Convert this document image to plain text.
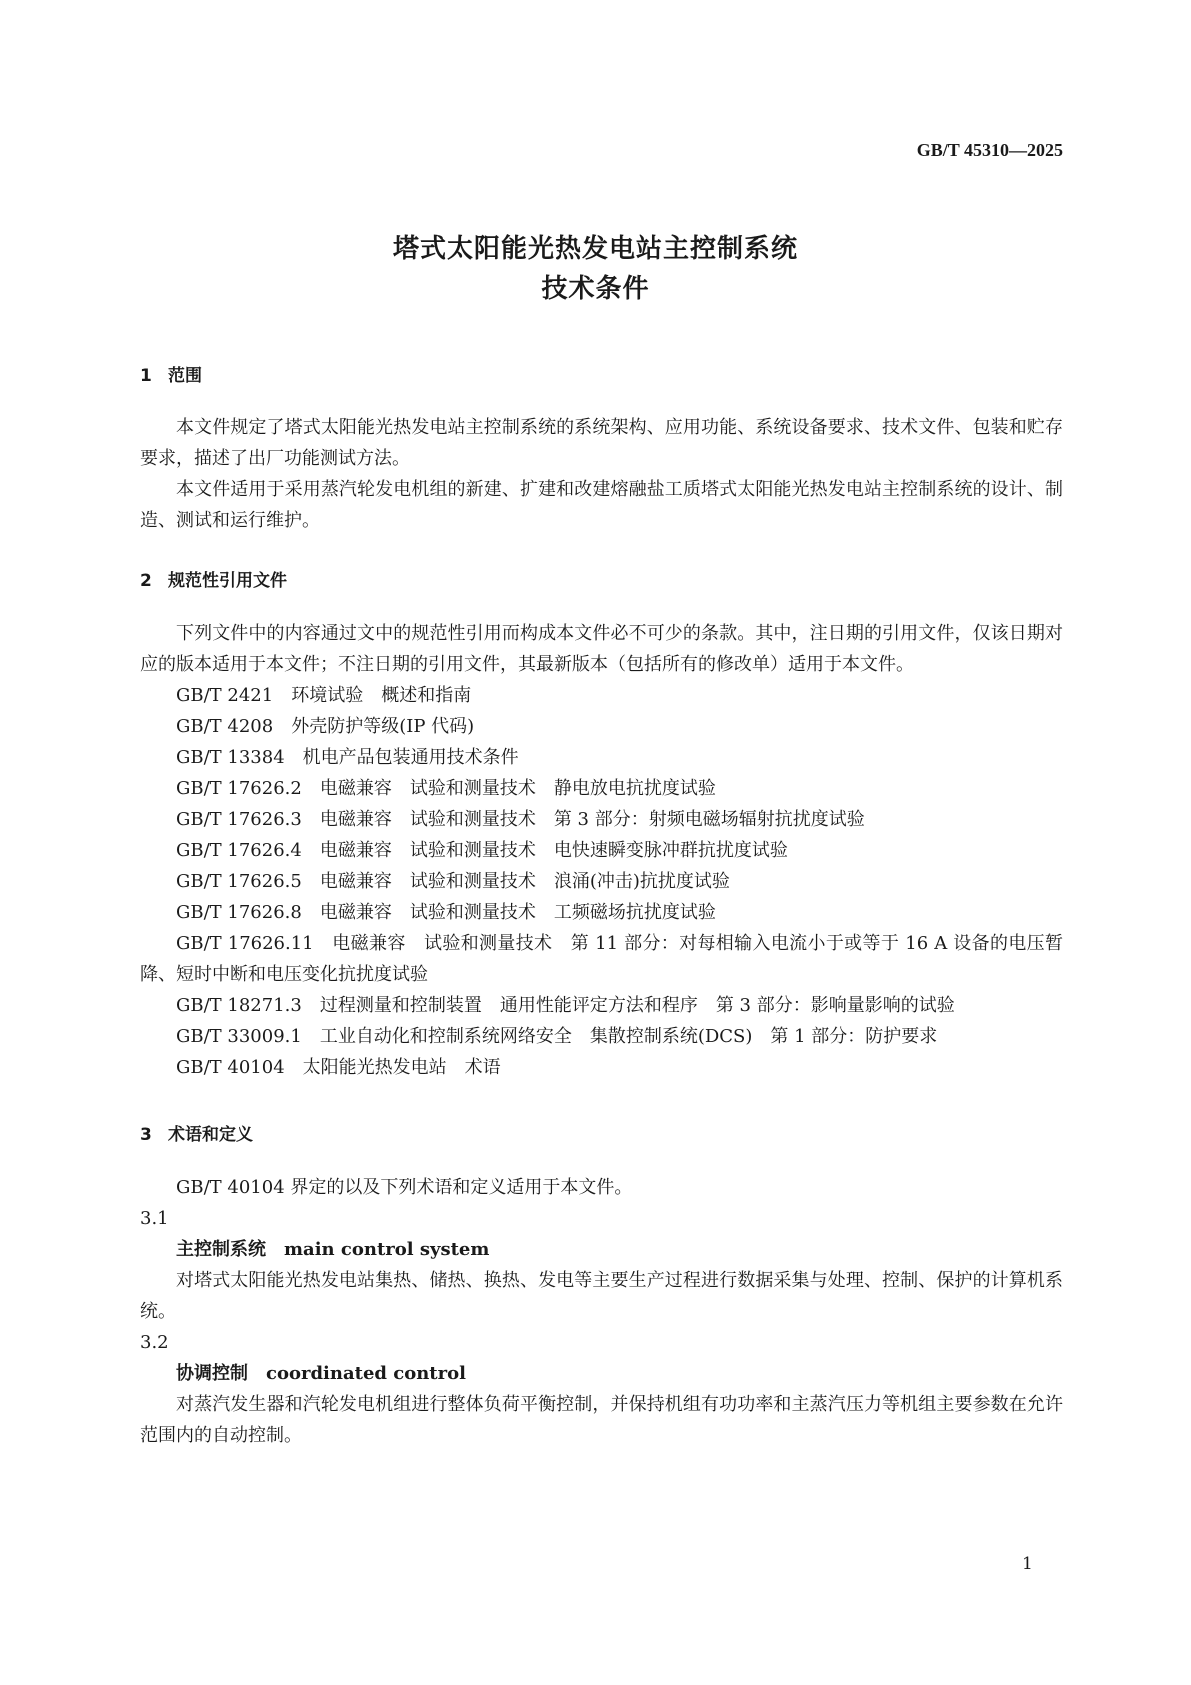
GB/T 45310—2025
塔式太阳能光热发电站主控制系统
技术条件
1 范围

本文件规定了塔式太阳能光热发电站主控制系统的系统架构、应用功能、系统设备要求、技术文件、包装和贮存要求，描述了出厂功能测试方法。

本文件适用于采用蒸汽轮发电机组的新建、扩建和改建熔融盐工质塔式太阳能光热发电站主控制系统的设计、制造、测试和运行维护。

2 规范性引用文件

下列文件中的内容通过文中的规范性引用而构成本文件必不可少的条款。其中，注日期的引用文件，仅该日期对应的版本适用于本文件；不注日期的引用文件，其最新版本（包括所有的修改单）适用于本文件。

GB/T 2421　环境试验　概述和指南

GB/T 4208　外壳防护等级(IP 代码)

GB/T 13384　机电产品包装通用技术条件

GB/T 17626.2　电磁兼容　试验和测量技术　静电放电抗扰度试验

GB/T 17626.3　电磁兼容　试验和测量技术　第 3 部分：射频电磁场辐射抗扰度试验

GB/T 17626.4　电磁兼容　试验和测量技术　电快速瞬变脉冲群抗扰度试验

GB/T 17626.5　电磁兼容　试验和测量技术　浪涌(冲击)抗扰度试验

GB/T 17626.8　电磁兼容　试验和测量技术　工频磁场抗扰度试验

GB/T 17626.11　电磁兼容　试验和测量技术　第 11 部分：对每相输入电流小于或等于 16 A 设备的电压暂降、短时中断和电压变化抗扰度试验

GB/T 18271.3　过程测量和控制装置　通用性能评定方法和程序　第 3 部分：影响量影响的试验

GB/T 33009.1　工业自动化和控制系统网络安全　集散控制系统(DCS)　第 1 部分：防护要求

GB/T 40104　太阳能光热发电站　术语

3 术语和定义

GB/T 40104 界定的以及下列术语和定义适用于本文件。

3.1

主控制系统　 main control system

对塔式太阳能光热发电站集热、储热、换热、发电等主要生产过程进行数据采集与处理、控制、保护的计算机系统。

3.2

协调控制　 coordinated control

对蒸汽发生器和汽轮发电机组进行整体负荷平衡控制，并保持机组有功功率和主蒸汽压力等机组主要参数在允许范围内的自动控制。

1
